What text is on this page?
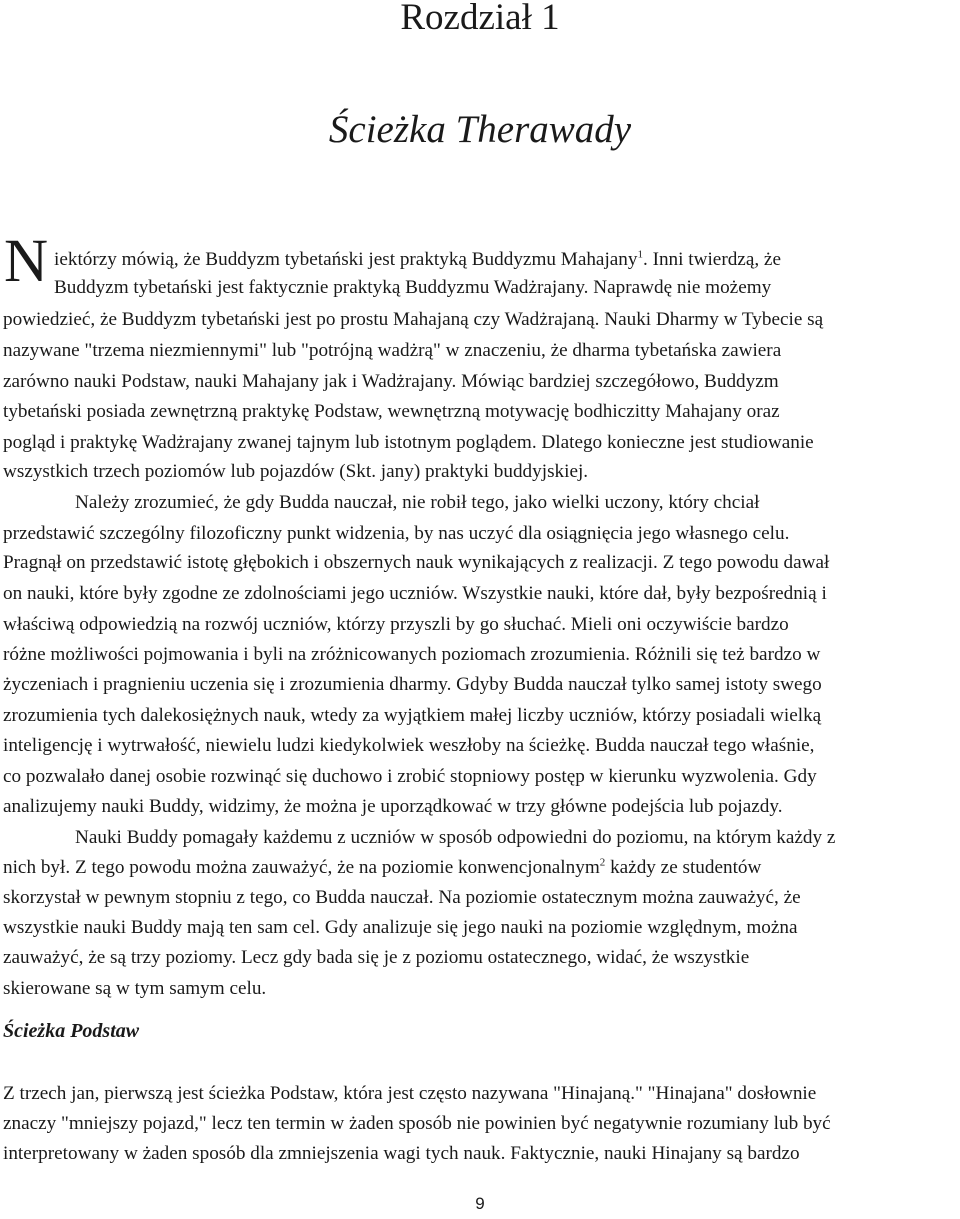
Rozdział 1
Ścieżka Therawady
N iektórzy mówią, że Buddyzm tybetański jest praktyką Buddyzmu Mahajany$^1$. Inni twierdzą, że
Buddyzm tybetański jest faktycznie praktyką Buddyzmu Wadżrajany. Naprawdę nie możemy
powiedzieć, że Buddyzm tybetański jest po prostu Mahajaną czy Wadżrajaną. Nauki Dharmy w Tybecie są
nazywane "trzema niezmiennymi" lub "potrójną wadżrą" w znaczeniu, że dharma tybetańska zawiera
zarówno nauki Podstaw, nauki Mahajany jak i Wadżrajany. Mówiąc bardziej szczegółowo, Buddyzm
tybetański posiada zewnętrzną praktykę Podstaw, wewnętrzną motywację bodhiczitty Mahajany oraz
pogląd i praktykę Wadżrajany zwanej tajnym lub istotnym poglądem. Dlatego konieczne jest studiowanie
wszystkich trzech poziomów lub pojazdów (Skt. jany) praktyki buddyjskiej.
Należy zrozumieć, że gdy Budda nauczał, nie robił tego, jako wielki uczony, który chciał
przedstawić szczególny filozoficzny punkt widzenia, by nas uczyć dla osiągnięcia jego własnego celu.
Pragnął on przedstawić istotę głębokich i obszernych nauk wynikających z realizacji. Z tego powodu dawał
on nauki, które były zgodne ze zdolnościami jego uczniów. Wszystkie nauki, które dał, były bezpośrednią i
właściwą odpowiedzią na rozwój uczniów, którzy przyszli by go słuchać. Mieli oni oczywiście bardzo
różne możliwości pojmowania i byli na zróżnicowanych poziomach zrozumienia. Różnili się też bardzo w
życzeniach i pragnieniu uczenia się i zrozumienia dharmy. Gdyby Budda nauczał tylko samej istoty swego
zrozumienia tych dalekosiężnych nauk, wtedy za wyjątkiem małej liczby uczniów, którzy posiadali wielką
inteligencję i wytrwałość, niewielu ludzi kiedykolwiek weszłoby na ścieżkę. Budda nauczał tego właśnie,
co pozwalało danej osobie rozwinąć się duchowo i zrobić stopniowy postęp w kierunku wyzwolenia. Gdy
analizujemy nauki Buddy, widzimy, że można je uporządkować w trzy główne podejścia lub pojazdy.
Nauki Buddy pomagały każdemu z uczniów w sposób odpowiedni do poziomu, na którym każdy z
nich był. Z tego powodu można zauważyć, że na poziomie konwencjonalnym$^2$ każdy ze studentów
skorzystał w pewnym stopniu z tego, co Budda nauczał. Na poziomie ostatecznym można zauważyć, że
wszystkie nauki Buddy mają ten sam cel. Gdy analizuje się jego nauki na poziomie względnym, można
zauważyć, że są trzy poziomy. Lecz gdy bada się je z poziomu ostatecznego, widać, że wszystkie
skierowane są w tym samym celu.
Ścieżka Podstaw
Z trzech jan, pierwszą jest ścieżka Podstaw, która jest często nazywana "Hinajaną." "Hinajana" dosłownie
znaczy "mniejszy pojazd," lecz ten termin w żaden sposób nie powinien być negatywnie rozumiany lub być
interpretowany w żaden sposób dla zmniejszenia wagi tych nauk. Faktycznie, nauki Hinajany są bardzo
9
